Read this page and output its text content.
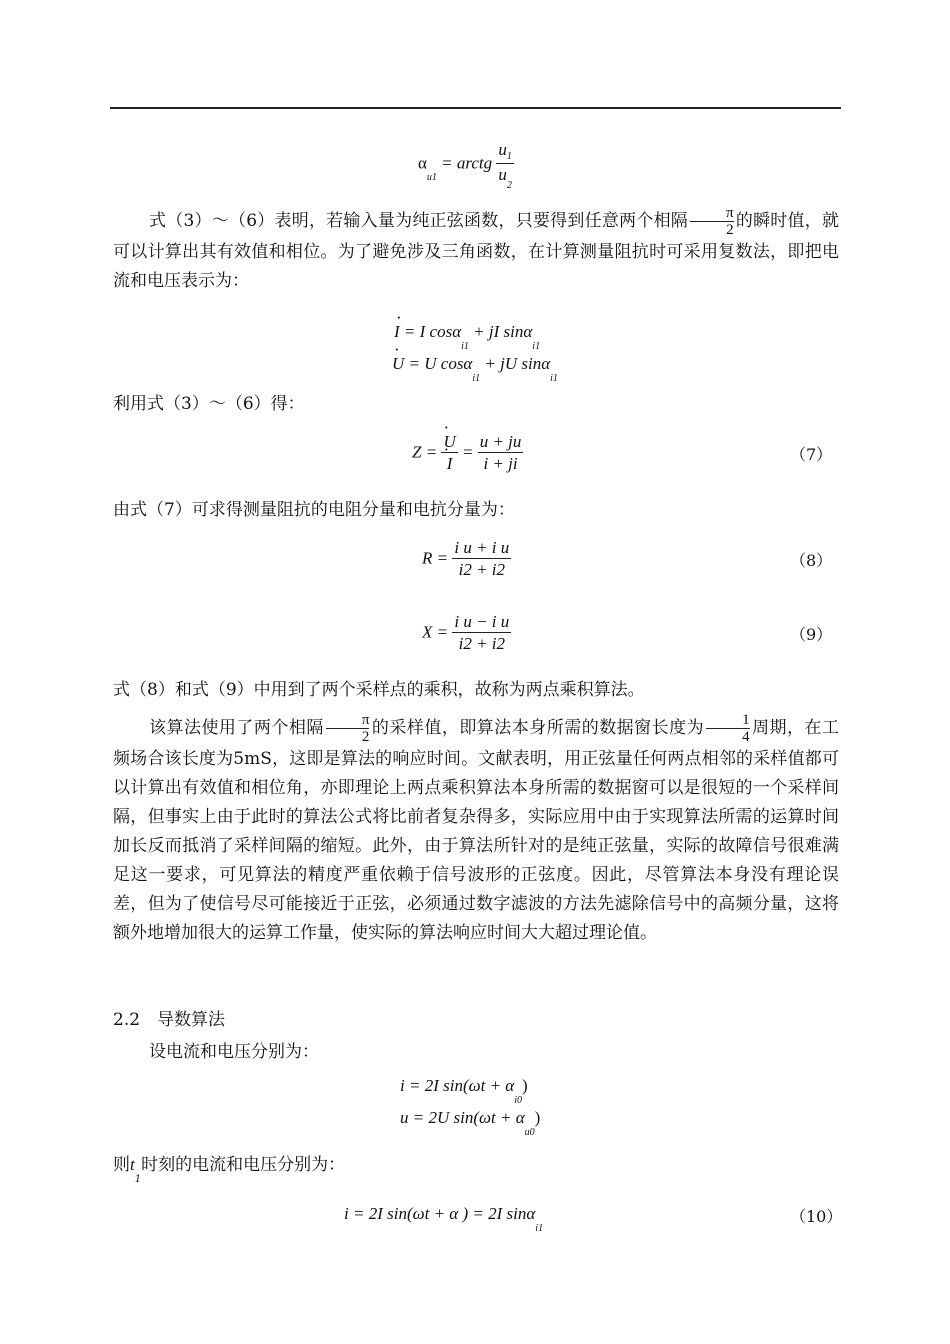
$\alpha_{u1}$ = arctg $\frac{u_1}{u_2}$
式（3）～（6）表明，若输入量为纯正弦函数，只要得到任意两个相隔 $\frac{\pi}{2}$ 的瞬时值，就可以计算出其有效值和相位。为了避免涉及三角函数，在计算测量阻抗时可采用复数法，即把电流和电压表示为：
· I = I cosα$_{i1}$ + jI sinα$_{i1}$
· U = U cosα$_{i1}$ + jU sinα$_{i1}$
利用式（3）～（6）得：
Z =
· U
· $I = \frac{u + ju}{i + ji}$	（7）
由式（7）可求得测量阻抗的电阻分量和电抗分量为：
$R = \frac{\text{i u + i u}}{i2 + i2}$	（8）
$X = \frac{\text{i u − i u}}{i2 + i2}$	（9）
式（8）和式（9）中用到了两个采样点的乘积，故称为两点乘积算法。
该算法使用了两个相隔 $\frac{\pi}{2}$ 的采样值，即算法本身所需的数据窗长度为 $\frac{1}{4}$ 周期，在工频场合该长度为5mS，这即是算法的响应时间。文献表明，用正弦量任何两点相邻的采样值都可以计算出有效值和相位角，亦即理论上两点乘积算法本身所需的数据窗可以是很短的一个采样间隔，但事实上由于此时的算法公式将比前者复杂得多，实际应用中由于实现算法所需的运算时间加长反而抵消了采样间隔的缩短。此外，由于算法所针对的是纯正弦量，实际的故障信号很难满足这一要求，可见算法的精度严重依赖于信号波形的正弦度。因此，尽管算法本身没有理论误差，但为了使信号尽可能接近于正弦，必须通过数字滤波的方法先滤除信号中的高频分量，这将额外地增加很大的运算工作量，使实际的算法响应时间大大超过理论值。
2.2　导数算法
设电流和电压分别为：
i = 2I $\sin(\omega t + \alpha_{i0})$
u = 2U $\sin(\omega t + \alpha_{u0})$
则$t_1$时刻的电流和电压分别为：
i = 2I sin(ωt + α ) = 2I sinα$_{i1}$
（10）
